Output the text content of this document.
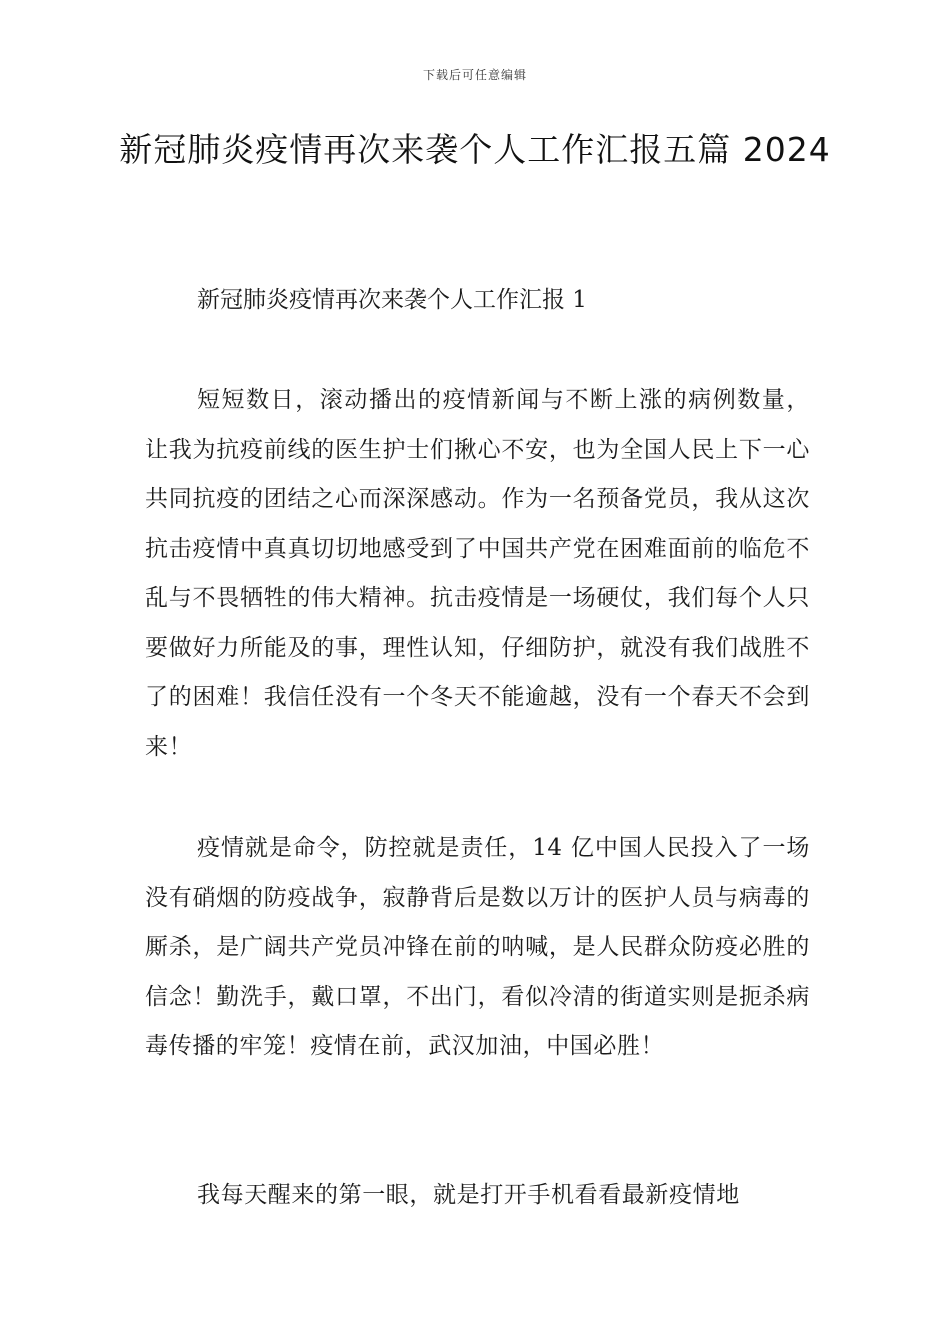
下载后可任意编辑
新冠肺炎疫情再次来袭个人工作汇报五篇 2024
新冠肺炎疫情再次来袭个人工作汇报 1
短短数日，滚动播出的疫情新闻与不断上涨的病例数量，让我为抗疫前线的医生护士们揪心不安，也为全国人民上下一心共同抗疫的团结之心而深深感动。作为一名预备党员，我从这次抗击疫情中真真切切地感受到了中国共产党在困难面前的临危不乱与不畏牺牲的伟大精神。抗击疫情是一场硬仗，我们每个人只要做好力所能及的事，理性认知，仔细防护，就没有我们战胜不了的困难！我信任没有一个冬天不能逾越，没有一个春天不会到来！
疫情就是命令，防控就是责任，14 亿中国人民投入了一场没有硝烟的防疫战争，寂静背后是数以万计的医护人员与病毒的厮杀，是广阔共产党员冲锋在前的呐喊，是人民群众防疫必胜的信念！勤洗手，戴口罩，不出门，看似冷清的街道实则是扼杀病毒传播的牢笼！疫情在前，武汉加油，中国必胜！
我每天醒来的第一眼，就是打开手机看看最新疫情地
